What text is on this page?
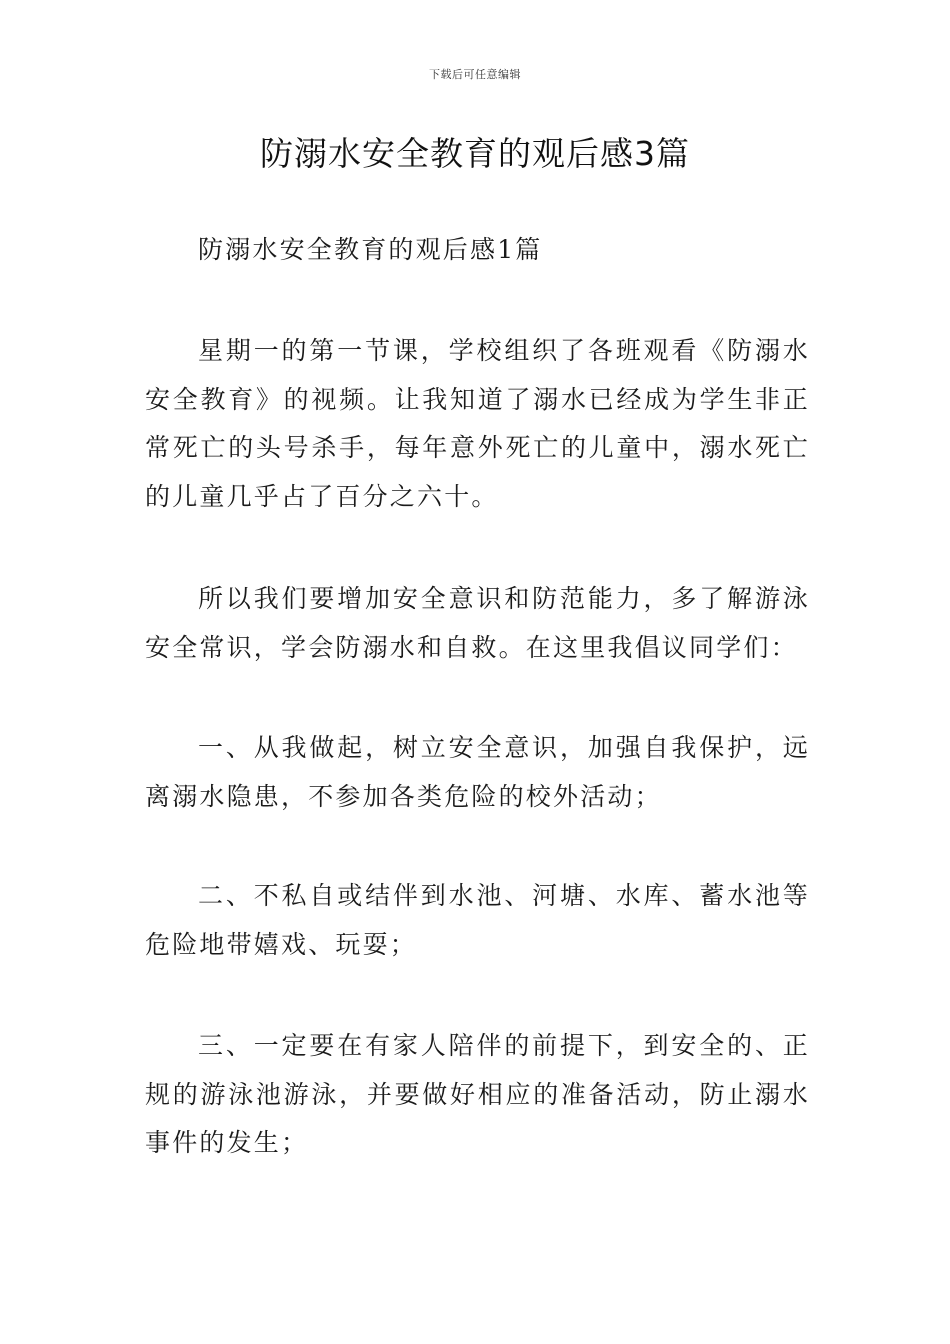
下载后可任意编辑
防溺水安全教育的观后感3篇

防溺水安全教育的观后感1篇

星期一的第一节课，学校组织了各班观看《防溺水安全教育》的视频。让我知道了溺水已经成为学生非正常死亡的头号杀手，每年意外死亡的儿童中，溺水死亡的儿童几乎占了百分之六十。

所以我们要增加安全意识和防范能力，多了解游泳安全常识，学会防溺水和自救。在这里我倡议同学们：

一、从我做起，树立安全意识，加强自我保护，远离溺水隐患，不参加各类危险的校外活动；

二、不私自或结伴到水池、河塘、水库、蓄水池等危险地带嬉戏、玩耍；

三、一定要在有家人陪伴的前提下，到安全的、正规的游泳池游泳，并要做好相应的准备活动，防止溺水事件的发生；
